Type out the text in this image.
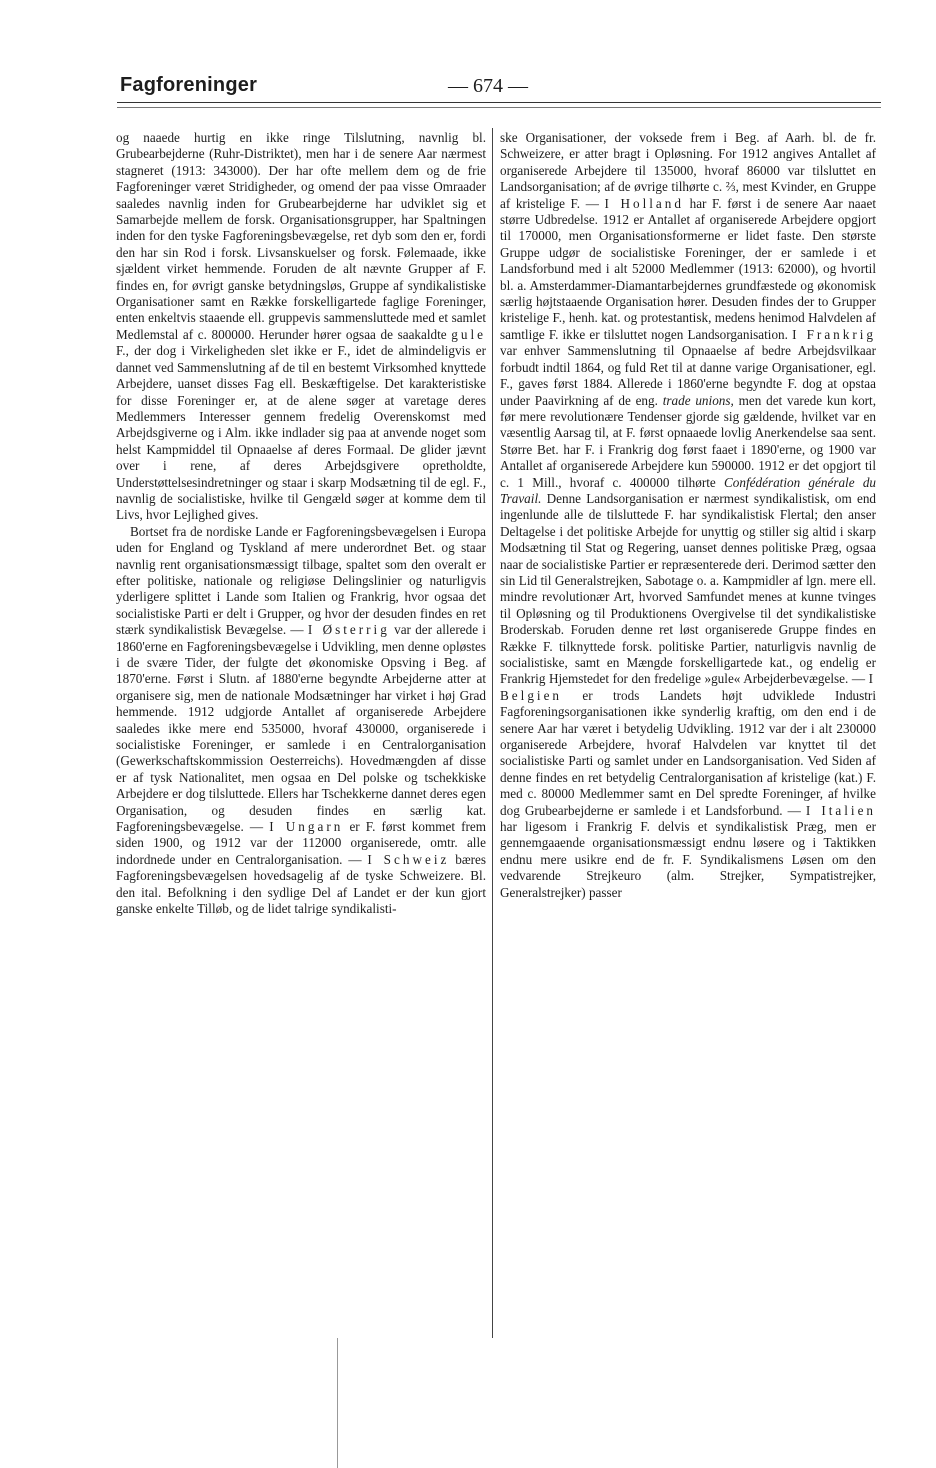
Fagforeninger	— 674 —

og naaede hurtig en ikke ringe Tilslutning, navnlig bl. Grubearbejderne (Ruhr-Distriktet), men har i de senere Aar nærmest stagneret (1913: 343000). Der har ofte mellem dem og de frie Fagforeninger været Stridigheder, og omend der paa visse Omraader saaledes navnlig inden for Grubearbejderne har udviklet sig et Samarbejde mellem de forsk. Organisationsgrupper, har Spaltningen inden for den tyske Fagforeningsbevægelse, ret dyb som den er, fordi den har sin Rod i forsk. Livsanskuelser og forsk. Følemaade, ikke sjældent virket hemmende. Foruden de alt nævnte Grupper af F. findes en, for øvrigt ganske betydningsløs, Gruppe af syndikalistiske Organisationer samt en Række forskelligartede faglige Foreninger, enten enkeltvis staaende ell. gruppevis sammensluttede med et samlet Medlemstal af c. 800000. Herunder hører ogsaa de saakaldte gule F., der dog i Virkeligheden slet ikke er F., idet de almindeligvis er dannet ved Sammenslutning af de til en bestemt Virksomhed knyttede Arbejdere, uanset disses Fag ell. Beskæftigelse. Det karakteristiske for disse Foreninger er, at de alene søger at varetage deres Medlemmers Interesser gennem fredelig Overenskomst med Arbejdsgiverne og i Alm. ikke indlader sig paa at anvende noget som helst Kampmiddel til Opnaaelse af deres Formaal. De glider jævnt over i rene, af deres Arbejdsgivere opretholdte, Understøttelsesindretninger og staar i skarp Modsætning til de egl. F., navnlig de socialistiske, hvilke til Gengæld søger at komme dem til Livs, hvor Lejlighed gives.

Bortset fra de nordiske Lande er Fagforeningsbevægelsen i Europa uden for England og Tyskland af mere underordnet Bet. og staar navnlig rent organisationsmæssigt tilbage, spaltet som den overalt er efter politiske, nationale og religiøse Delingslinier og naturligvis yderligere splittet i Lande som Italien og Frankrig, hvor ogsaa det socialistiske Parti er delt i Grupper, og hvor der desuden findes en ret stærk syndikalistisk Bevægelse. — I Østerrig var der allerede i 1860'erne en Fagforeningsbevægelse i Udvikling, men denne opløstes i de svære Tider, der fulgte det økonomiske Opsving i Beg. af 1870'erne. Først i Slutn. af 1880'erne begyndte Arbejderne atter at organisere sig, men de nationale Modsætninger har virket i høj Grad hemmende. 1912 udgjorde Antallet af organiserede Arbejdere saaledes ikke mere end 535000, hvoraf 430000, organiserede i socialistiske Foreninger, er samlede i en Centralorganisation (Gewerkschaftskommission Oesterreichs). Hovedmængden af disse er af tysk Nationalitet, men ogsaa en Del polske og tschekkiske Arbejdere er dog tilsluttede. Ellers har Tschekkerne dannet deres egen Organisation, og desuden findes en særlig kat. Fagforeningsbevægelse. — I Ungarn er F. først kommet frem siden 1900, og 1912 var der 112000 organiserede, omtr. alle indordnede under en Centralorganisation. — I Schweiz bæres Fagforeningsbevægelsen hovedsagelig af de tyske Schweizere. Bl. den ital. Befolkning i den sydlige Del af Landet er der kun gjort ganske enkelte Tilløb, og de lidet talrige syndikalisti-

ske Organisationer, der voksede frem i Beg. af Aarh. bl. de fr. Schweizere, er atter bragt i Opløsning. For 1912 angives Antallet af organiserede Arbejdere til 135000, hvoraf 86000 var tilsluttet en Landsorganisation; af de øvrige tilhørte c. ⅔, mest Kvinder, en Gruppe af kristelige F. — I Holland har F. først i de senere Aar naaet større Udbredelse. 1912 er Antallet af organiserede Arbejdere opgjort til 170000, men Organisationsformerne er lidet faste. Den største Gruppe udgør de socialistiske Foreninger, der er samlede i et Landsforbund med i alt 52000 Medlemmer (1913: 62000), og hvortil bl. a. Amsterdammer-Diamantarbejdernes grundfæstede og økonomisk særlig højtstaaende Organisation hører. Desuden findes der to Grupper kristelige F., henh. kat. og protestantisk, medens henimod Halvdelen af samtlige F. ikke er tilsluttet nogen Landsorganisation. I Frankrig var enhver Sammenslutning til Opnaaelse af bedre Arbejdsvilkaar forbudt indtil 1864, og fuld Ret til at danne varige Organisationer, egl. F., gaves først 1884. Allerede i 1860'erne begyndte F. dog at opstaa under Paavirkning af de eng. trade unions, men det varede kun kort, før mere revolutionære Tendenser gjorde sig gældende, hvilket var en væsentlig Aarsag til, at F. først opnaaede lovlig Anerkendelse saa sent. Større Bet. har F. i Frankrig dog først faaet i 1890'erne, og 1900 var Antallet af organiserede Arbejdere kun 590000. 1912 er det opgjort til c. 1 Mill., hvoraf c. 400000 tilhørte Confédération générale du Travail. Denne Landsorganisation er nærmest syndikalistisk, om end ingenlunde alle de tilsluttede F. har syndikalistisk Flertal; den anser Deltagelse i det politiske Arbejde for unyttig og stiller sig altid i skarp Modsætning til Stat og Regering, uanset dennes politiske Præg, ogsaa naar de socialistiske Partier er repræsenterede deri. Derimod sætter den sin Lid til Generalstrejken, Sabotage o. a. Kampmidler af lgn. mere ell. mindre revolutionær Art, hvorved Samfundet menes at kunne tvinges til Opløsning og til Produktionens Overgivelse til det syndikalistiske Broderskab. Foruden denne ret løst organiserede Gruppe findes en Række F. tilknyttede forsk. politiske Partier, naturligvis navnlig de socialistiske, samt en Mængde forskelligartede kat., og endelig er Frankrig Hjemstedet for den fredelige »gule« Arbejderbevægelse. — I Belgien er trods Landets højt udviklede Industri Fagforeningsorganisationen ikke synderlig kraftig, om den end i de senere Aar har været i betydelig Udvikling. 1912 var der i alt 230000 organiserede Arbejdere, hvoraf Halvdelen var knyttet til det socialistiske Parti og samlet under en Landsorganisation. Ved Siden af denne findes en ret betydelig Centralorganisation af kristelige (kat.) F. med c. 80000 Medlemmer samt en Del spredte Foreninger, af hvilke dog Grubearbejderne er samlede i et Landsforbund. — I Italien har ligesom i Frankrig F. delvis et syndikalistisk Præg, men er gennemgaaende organisationsmæssigt endnu løsere og i Taktikken endnu mere usikre end de fr. F. Syndikalismens Løsen om den vedvarende Strejkeuro (alm. Strejker, Sympatistrejker, Generalstrejker) passer
